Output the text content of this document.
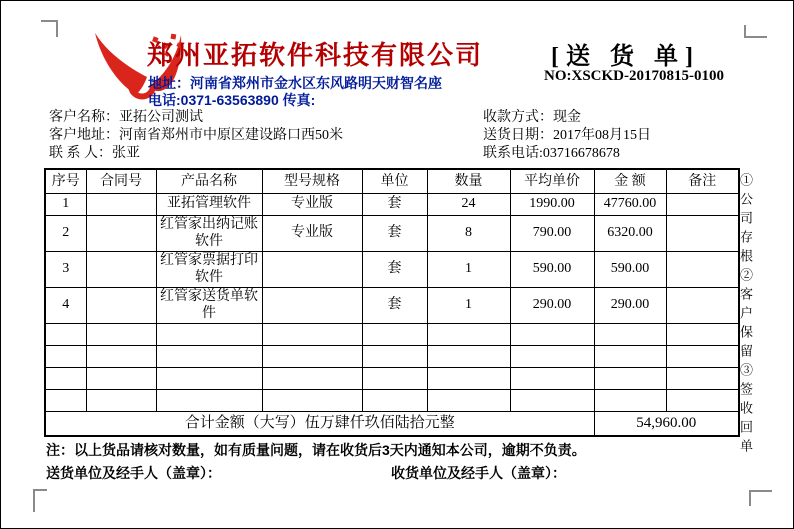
郑州亚拓软件科技有限公司
地址：河南省郑州市金水区东风路明天财智名座
电话:0371-63563890 传真:
[送 货 单]
NO:XSCKD-20170815-0100
客户名称：亚拓公司测试
客户地址：河南省郑州市中原区建设路口西50米
联 系 人：张亚
收款方式：现金
送货日期：2017年08月15日
联系电话:03716678678
序号	合同号	产品名称	型号规格	单位	数量	平均单价	金 额	备注
1		亚拓管理软件	专业版	套	24	1990.00	47760.00	
2		红管家出纳记账软件	专业版	套	8	790.00	6320.00	
3		红管家票据打印软件		套	1	590.00	590.00	
4		红管家送货单软件		套	1	290.00	290.00	

合计金额（大写）伍万肆仟玖佰陆拾元整							54,960.00		①公司存根②客户保留③签收回单
注：以上货品请核对数量，如有质量问题，请在收货后3天内通知本公司，逾期不负责。
送货单位及经手人（盖章）：	收货单位及经手人（盖章）：
